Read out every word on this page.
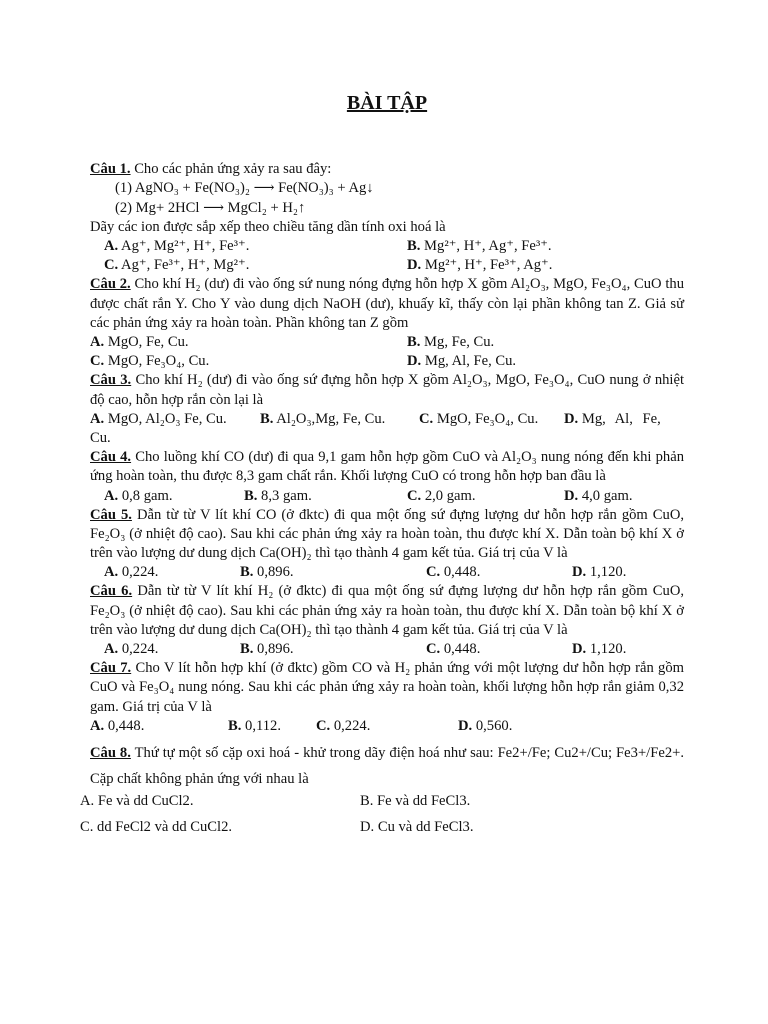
BÀI TẬP
Câu 1. Cho các phản ứng xảy ra sau đây:
(1) AgNO₃ + Fe(NO₃)₂ ⟶ Fe(NO₃)₃ + Ag↓
(2) Mg+ 2HCl ⟶ MgCl₂ + H₂↑
Dãy các ion được sắp xếp theo chiều tăng dần tính oxi hoá là
A. Ag⁺, Mg²⁺, H⁺, Fe³⁺.	B. Mg²⁺, H⁺, Ag⁺, Fe³⁺.
C. Ag⁺, Fe³⁺, H⁺, Mg²⁺.	D. Mg²⁺, H⁺, Fe³⁺, Ag⁺.
Câu 2. Cho khí H₂ (dư) đi vào ống sứ nung nóng đựng hỗn hợp X gồm Al₂O₃, MgO, Fe₃O₄, CuO thu được chất rắn Y. Cho Y vào dung dịch NaOH (dư), khuấy kĩ, thấy còn lại phần không tan Z. Giả sử các phản ứng xảy ra hoàn toàn. Phần không tan Z gồm
A. MgO, Fe, Cu.	B. Mg, Fe, Cu.
C. MgO, Fe₃O₄, Cu.	D. Mg, Al, Fe, Cu.
Câu 3. Cho khí H₂ (dư) đi vào ống sứ đựng hỗn hợp X gồm Al₂O₃, MgO, Fe₃O₄, CuO nung ở nhiệt độ cao, hỗn hợp rắn còn lại là
A. MgO, Al₂O₃ Fe, Cu. B. Al₂O₃,Mg, Fe, Cu. C. MgO, Fe₃O₄, Cu. D. Mg, Al, Fe,
Cu.
Câu 4. Cho luồng khí CO (dư) đi qua 9,1 gam hỗn hợp gồm CuO và Al₂O₃ nung nóng đến khi phản ứng hoàn toàn, thu được 8,3 gam chất rắn. Khối lượng CuO có trong hỗn hợp ban đầu là
A. 0,8 gam.	B. 8,3 gam.	C. 2,0 gam.	D. 4,0 gam.
Câu 5. Dẫn từ từ V lít khí CO (ở đktc) đi qua một ống sứ đựng lượng dư hỗn hợp rắn gồm CuO, Fe₂O₃ (ở nhiệt độ cao). Sau khi các phản ứng xảy ra hoàn toàn, thu được khí X. Dẫn toàn bộ khí X ở trên vào lượng dư dung dịch Ca(OH)₂ thì tạo thành 4 gam kết tủa. Giá trị của V là
A. 0,224.	B. 0,896.	C. 0,448.	D. 1,120.
Câu 6. Dẫn từ từ V lít khí H₂ (ở đktc) đi qua một ống sứ đựng lượng dư hỗn hợp rắn gồm CuO, Fe₂O₃ (ở nhiệt độ cao). Sau khi các phản ứng xảy ra hoàn toàn, thu được khí X. Dẫn toàn bộ khí X ở trên vào lượng dư dung dịch Ca(OH)₂ thì tạo thành 4 gam kết tủa. Giá trị của V là
A. 0,224.	B. 0,896.	C. 0,448.	D. 1,120.
Câu 7. Cho V lít hỗn hợp khí (ở đktc) gồm CO và H₂ phản ứng với một lượng dư hỗn hợp rắn gồm CuO và Fe₃O₄ nung nóng. Sau khi các phản ứng xảy ra hoàn toàn, khối lượng hỗn hợp rắn giảm 0,32 gam. Giá trị của V là
A. 0,448.	B. 0,112. C. 0,224.	D. 0,560.
Câu 8. Thứ tự một số cặp oxi hoá - khử trong dãy điện hoá như sau: Fe2+/Fe; Cu2+/Cu; Fe3+/Fe2+. Cặp chất không phản ứng với nhau là
A. Fe và dd CuCl2.	B. Fe và dd FeCl3.
C. dd FeCl2 và dd CuCl2.	D. Cu và dd FeCl3.
